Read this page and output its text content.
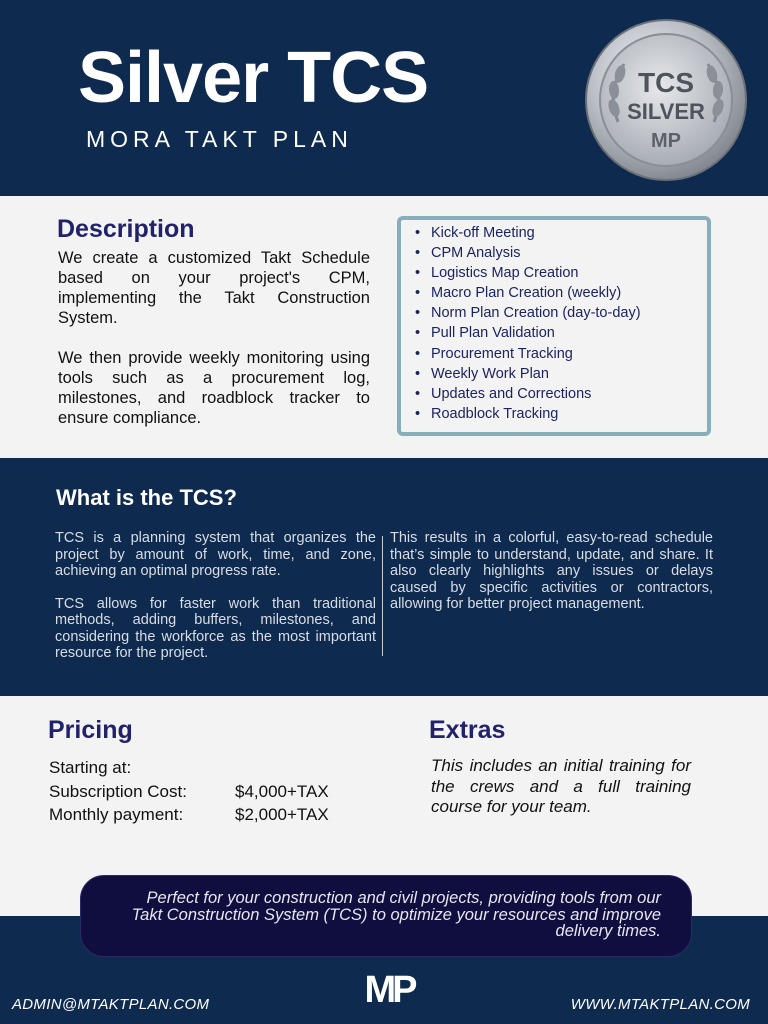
Silver TCS
MORA TAKT PLAN
TCS
SILVER
MP
Description

We create a customized Takt Schedule based on your project's CPM, implementing the Takt Construction System.

We then provide weekly monitoring using tools such as a procurement log, milestones, and roadblock tracker to ensure compliance.

• Kick-off Meeting
• CPM Analysis
• Logistics Map Creation
• Macro Plan Creation (weekly)
• Norm Plan Creation (day-to-day)
• Pull Plan Validation
• Procurement Tracking
• Weekly Work Plan
• Updates and Corrections
• Roadblock Tracking
What is the TCS?

TCS is a planning system that organizes the project by amount of work, time, and zone, achieving an optimal progress rate.

TCS allows for faster work than traditional methods, adding buffers, milestones, and considering the workforce as the most important resource for the project.

This results in a colorful, easy-to-read schedule that’s simple to understand, update, and share. It also clearly highlights any issues or delays caused by specific activities or contractors, allowing for better project management.

Pricing
Starting at:
Subscription Cost:	$4,000+TAX
Monthly payment:	$2,000+TAX
Extras
This includes an initial training for the crews and a full training course for your team.
Perfect for your construction and civil projects, providing tools from our Takt Construction System (TCS) to optimize your resources and improve delivery times.
MP
ADMIN@MTAKTPLAN.COM	WWW.MTAKTPLAN.COM
